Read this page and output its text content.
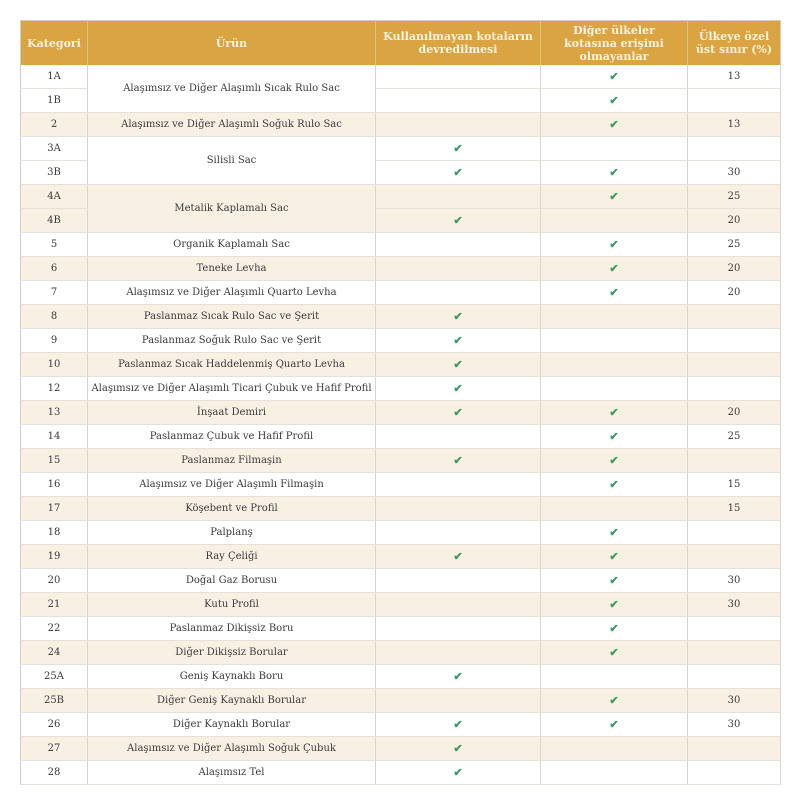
Kategori	Ürün	Kullanılmayan kotaların devredilmesi	Diğer ülkeler kotasına erişimi olmayanlar	Ülkeye özel üst sınır (%)
1A	Alaşımsız ve Diğer Alaşımlı Sıcak Rulo Sac		✔	13
1B			✔	
2	Alaşımsız ve Diğer Alaşımlı Soğuk Rulo Sac		✔	13
3A	Silisli Sac	✔		
3B		✔	✔	30
4A	Metalik Kaplamalı Sac		✔	25
4B		✔		20
5	Organik Kaplamalı Sac		✔	25
6	Teneke Levha		✔	20
7	Alaşımsız ve Diğer Alaşımlı Quarto Levha		✔	20
8	Paslanmaz Sıcak Rulo Sac ve Şerit	✔		
9	Paslanmaz Soğuk Rulo Sac ve Şerit	✔		
10	Paslanmaz Sıcak Haddelenmiş Quarto Levha	✔		
12	Alaşımsız ve Diğer Alaşımlı Ticari Çubuk ve Hafif Profil	✔		
13	İnşaat Demiri	✔	✔	20
14	Paslanmaz Çubuk ve Hafif Profil		✔	25
15	Paslanmaz Filmaşin	✔	✔	
16	Alaşımsız ve Diğer Alaşımlı Filmaşin		✔	15
17	Köşebent ve Profil			15
18	Palplanş		✔	
19	Ray Çeliği	✔	✔	
20	Doğal Gaz Borusu		✔	30
21	Kutu Profil		✔	30
22	Paslanmaz Dikişsiz Boru		✔	
24	Diğer Dikişsiz Borular		✔	
25A	Geniş Kaynaklı Boru	✔		
25B	Diğer Geniş Kaynaklı Borular		✔	30
26	Diğer Kaynaklı Borular	✔	✔	30
27	Alaşımsız ve Diğer Alaşımlı Soğuk Çubuk	✔		
28	Alaşımsız Tel	✔		
